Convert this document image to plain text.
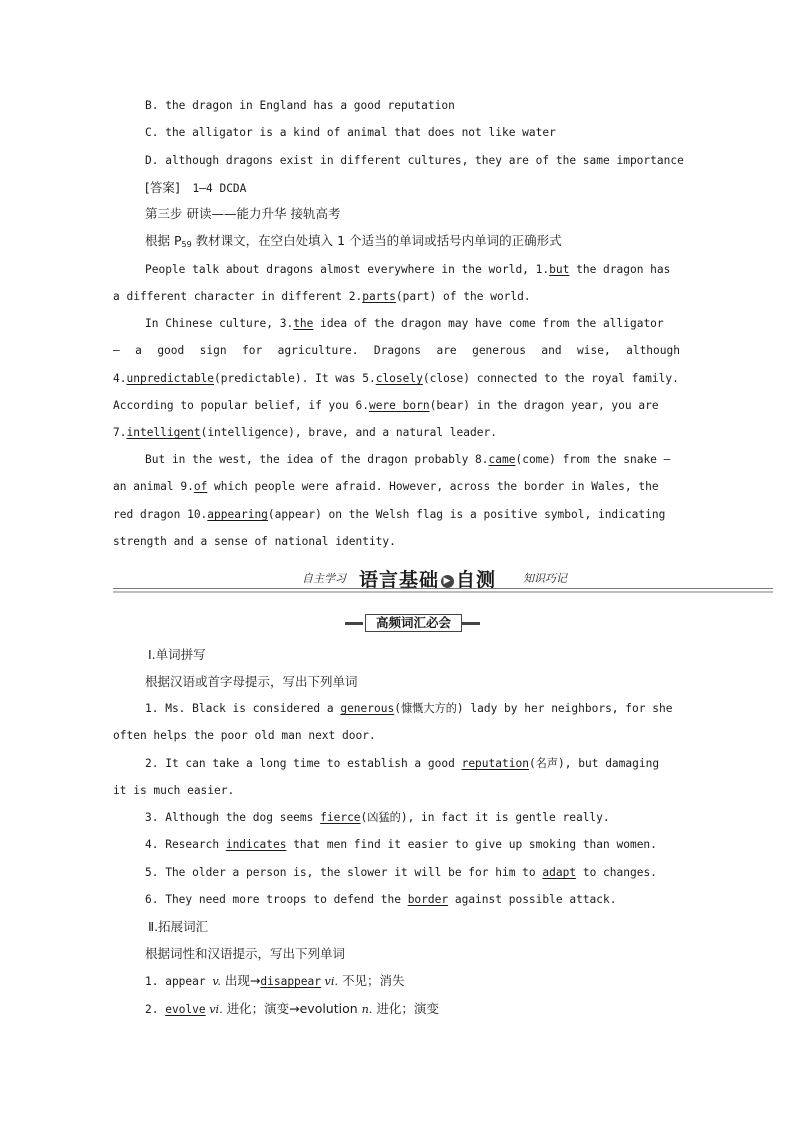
B. the dragon in England has a good reputation
C. the alligator is a kind of animal that does not like water
D. although dragons exist in different cultures, they are of the same importance
[答案] 1—4 DCDA
第三步 研读——能力升华 接轨高考
根据 $P_{59}$ 教材课文，在空白处填入 1 个适当的单词或括号内单词的正确形式
People talk about dragons almost everywhere in the world, 1.but the dragon has
a different character in different 2.parts(part) of the world.
In Chinese culture, 3.the idea of the dragon may have come from the alligator
— a good sign for agriculture. Dragons are generous and wise, although
4.unpredictable(predictable). It was 5.closely(close) connected to the royal family.
According to popular belief, if you 6.were born(bear) in the dragon year, you are
7.intelligent(intelligence), brave, and a natural leader.
But in the west, the idea of the dragon probably 8.came(come) from the snake —
an animal 9.of which people were afraid. However, across the border in Wales, the
red dragon 10.appearing(appear) on the Welsh flag is a positive symbol, indicating
strength and a sense of national identity.
自主学习 语言基础 ▶ 自测 知识巧记
高频词汇必会
Ⅰ.单词拼写
根据汉语或首字母提示，写出下列单词
1. Ms. Black is considered a generous(慷慨大方的) lady by her neighbors, for she
often helps the poor old man next door.
2. It can take a long time to establish a good reputation(名声), but damaging
it is much easier.
3. Although the dog seems fierce(凶猛的), in fact it is gentle really.
4. Research indicates that men find it easier to give up smoking than women.
5. The older a person is, the slower it will be for him to adapt to changes.
6. They need more troops to defend the border against possible attack.
Ⅱ.拓展词汇
根据词性和汉语提示，写出下列单词
1. appear v. 出现→disappear vi. 不见；消失
2. evolve vi. 进化；演变→evolution n. 进化；演变
